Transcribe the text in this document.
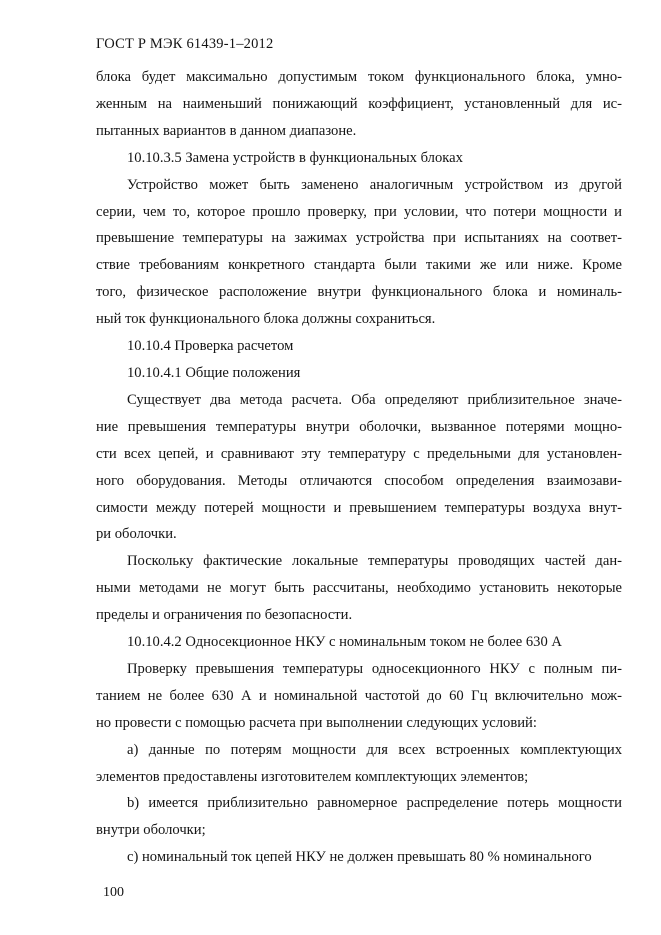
ГОСТ Р МЭК 61439-1–2012

блока будет максимально допустимым током функционального блока, умно-
женным на наименьший понижающий коэффициент, установленный для ис-
пытанных вариантов в данном диапазоне.

10.10.3.5 Замена устройств в функциональных блоках

Устройство может быть заменено аналогичным устройством из другой
серии, чем то, которое прошло проверку, при условии, что потери мощности и
превышение температуры на зажимах устройства при испытаниях на соответ-
ствие требованиям конкретного стандарта были такими же или ниже. Кроме
того, физическое расположение внутри функционального блока и номиналь-
ный ток функционального блока должны сохраниться.

10.10.4 Проверка расчетом

10.10.4.1 Общие положения

Существует два метода расчета. Оба определяют приблизительное значе-
ние превышения температуры внутри оболочки, вызванное потерями мощно-
сти всех цепей, и сравнивают эту температуру с предельными для установлен-
ного оборудования. Методы отличаются способом определения взаимозави-
симости между потерей мощности и превышением температуры воздуха внут-
ри оболочки.

Поскольку фактические локальные температуры проводящих частей дан-
ными методами не могут быть рассчитаны, необходимо установить некоторые
пределы и ограничения по безопасности.

10.10.4.2 Односекционное НКУ с номинальным током не более 630 А

Проверку превышения температуры односекционного НКУ с полным пи-
танием не более 630 А и номинальной частотой до 60 Гц включительно мож-
но провести с помощью расчета при выполнении следующих условий:

а) данные по потерям мощности для всех встроенных комплектующих
элементов предоставлены изготовителем комплектующих элементов;

b) имеется приблизительно равномерное распределение потерь мощности
внутри оболочки;

с) номинальный ток цепей НКУ не должен превышать 80 % номинального

100
